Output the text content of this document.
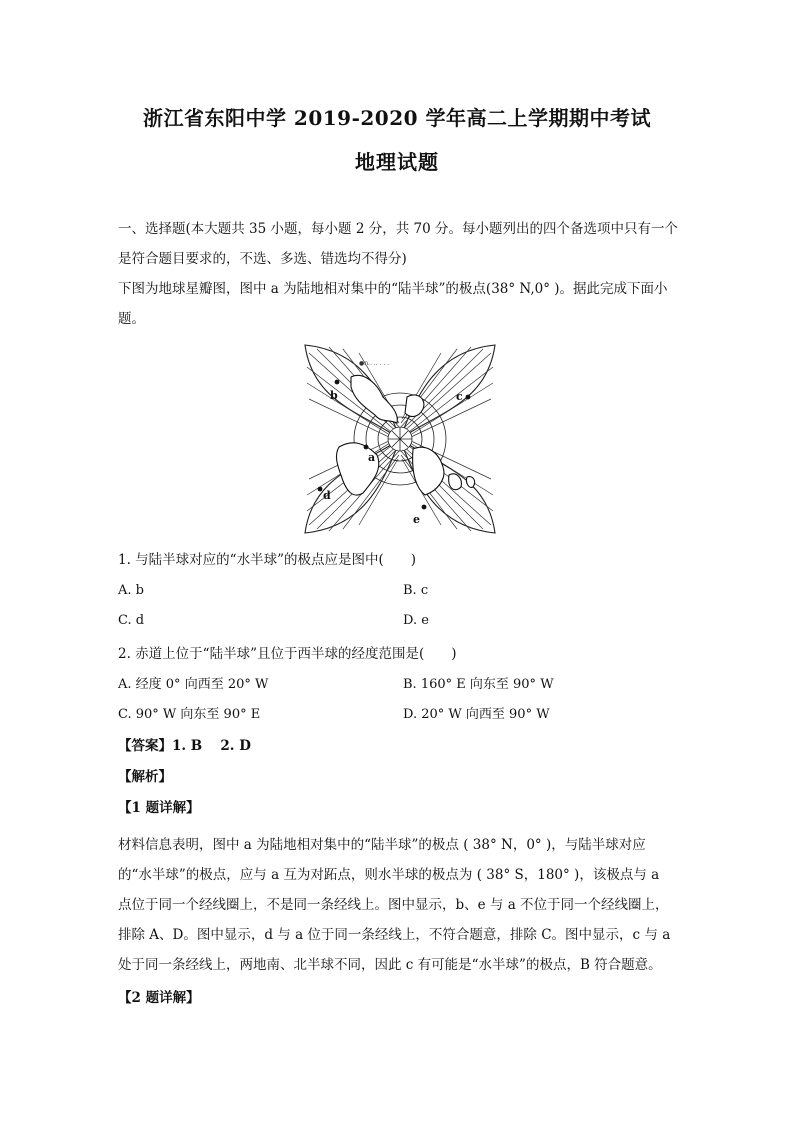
浙江省东阳中学 2019-2020 学年高二上学期期中考试
地理试题

一、选择题(本大题共 35 小题，每小题 2 分，共 70 分。每小题列出的四个备选项中只有一个是符合题目要求的，不选、多选、错选均不得分)

下图为地球星瓣图，图中 a 为陆地相对集中的“陆半球”的极点(38° N,0° )。据此完成下面小题。

●n.. .. . . .
a
b	c
d
e
1. 与陆半球对应的“水半球”的极点应是图中(　　)
A. b	B. c
C. d	D. e
2. 赤道上位于“陆半球”且位于西半球的经度范围是(　　)
A. 经度 0° 向西至 20° W	B. 160° E 向东至 90° W
C. 90° W 向东至 90° E	D. 20° W 向西至 90° W
【答案】1. B　 2. D
【解析】
【1 题详解】
材料信息表明，图中 a 为陆地相对集中的“陆半球”的极点 ( 38° N，0° )，与陆半球对应
的“水半球”的极点，应与 a 互为对跖点，则水半球的极点为 ( 38° S，180° )，该极点与 a
点位于同一个经线圈上，不是同一条经线上。图中显示，b、e 与 a 不位于同一个经线圈上，
排除 A、D。图中显示，d 与 a 位于同一条经线上，不符合题意，排除 C。图中显示，c 与 a
处于同一条经线上，两地南、北半球不同，因此 c 有可能是“水半球”的极点，B 符合题意。
【2 题详解】
